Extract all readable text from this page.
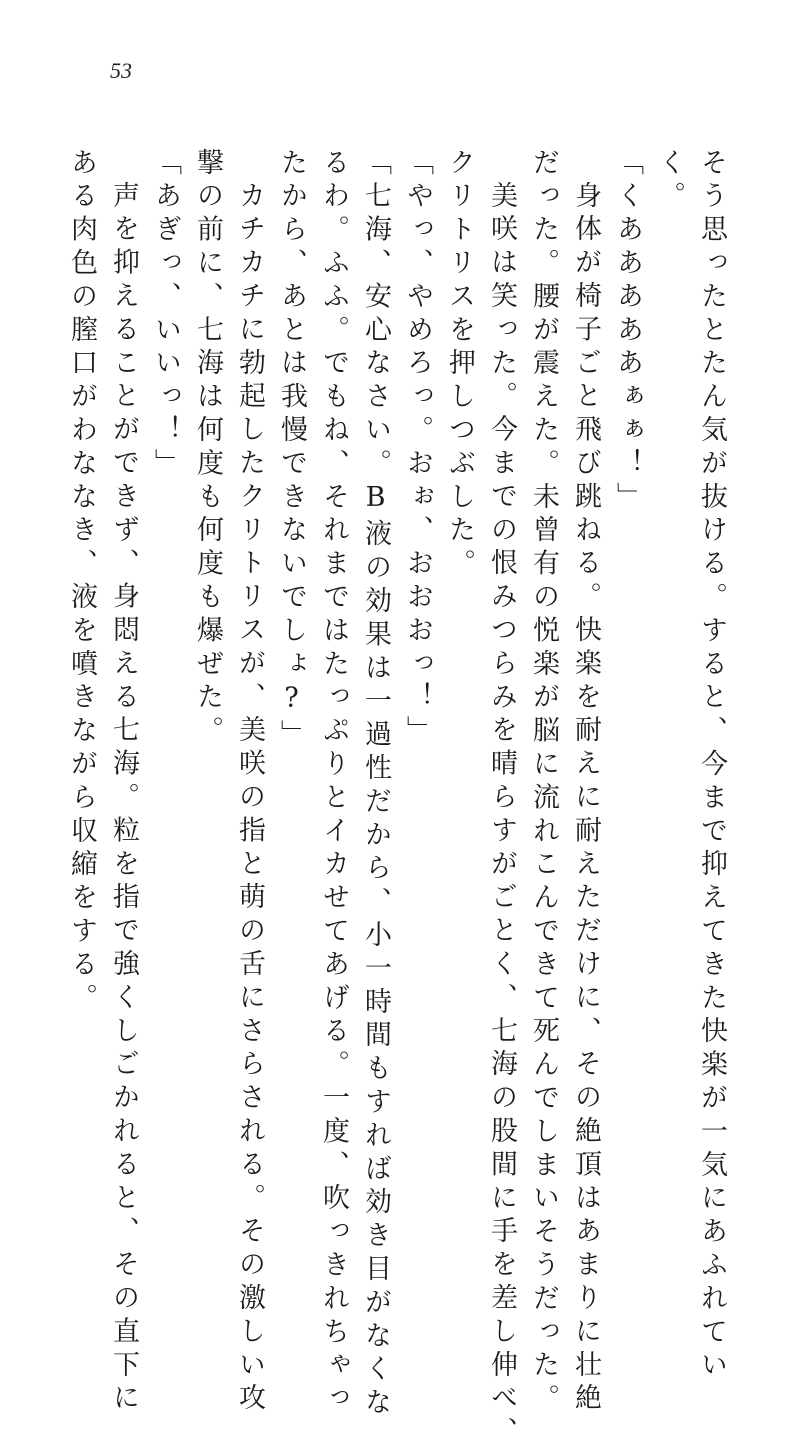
53
そう思ったとたん気が抜ける。すると、今まで抑えてきた快楽が一気にあふれてい
く。
「くあああああぁぁ！」
身体が椅子ごと飛び跳ねる。快楽を耐えに耐えただけに、その絶頂はあまりに壮絶
だった。腰が震えた。未曾有の悦楽が脳に流れこんできて死んでしまいそうだった。
美咲は笑った。今までの恨みつらみを晴らすがごとく、七海の股間に手を差し伸べ、
クリトリスを押しつぶした。
「やっ、やめろっ。おぉ、おおおっ！」
「七海、安心なさい。B液の効果は一過性だから、小一時間もすれば効き目がなくな
るわ。ふふ。でもね、それまではたっぷりとイカせてあげる。一度、吹っきれちゃっ
たから、あとは我慢できないでしょ?」
カチカチに勃起したクリトリスが、美咲の指と萌の舌にさらされる。その激しい攻
撃の前に、七海は何度も何度も爆ぜた。
「あぎっ、いいっ！」
声を抑えることができず、身悶える七海。粒を指で強くしごかれると、その直下に
ある肉色の膣口がわななき、液を噴きながら収縮をする。
